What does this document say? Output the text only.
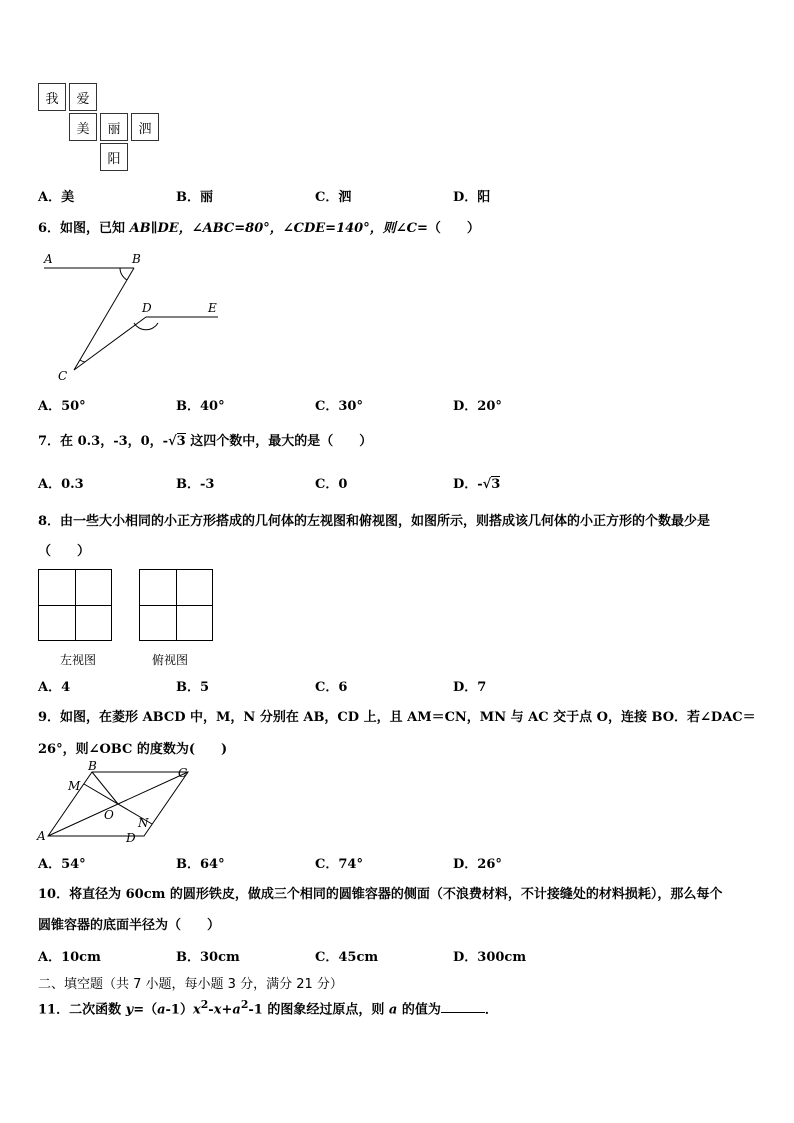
我	爱
美	丽	泗
阳
A．美	B．丽	C．泗	D．阳
6．如图，已知 AB∥DE，∠ABC=80°，∠CDE=140°，则∠C=（　　）
A	B
C
D	E
A．50°	B．40°	C．30°	D．20°
7．在 0.3，-3，0，-√3 这四个数中，最大的是（　　）
A．0.3	B．-3	C．0	D．-√3
8．由一些大小相同的小正方形搭成的几何体的左视图和俯视图，如图所示，则搭成该几何体的小正方形的个数最少是
（　　）
左视图	俯视图
A．4	B．5	C．6	D．7
9．如图，在菱形 ABCD 中，M，N 分别在 AB，CD 上，且 AM＝CN，MN 与 AC 交于点 O，连接 BO．若∠DAC＝
26°，则∠OBC 的度数为(　　)
B	C
M
O
N
A	D
A．54°	B．64°	C．74°	D．26°
10．将直径为 60cm 的圆形铁皮，做成三个相同的圆锥容器的侧面（不浪费材料，不计接缝处的材料损耗），那么每个
圆锥容器的底面半径为（　　）
A．10cm	B．30cm	C．45cm	D．300cm
二、填空题（共 7 小题，每小题 3 分，满分 21 分）
11．二次函数 $y=(a-1)x^2-x+a^2-1$ 的图象经过原点，则 a 的值为	．
